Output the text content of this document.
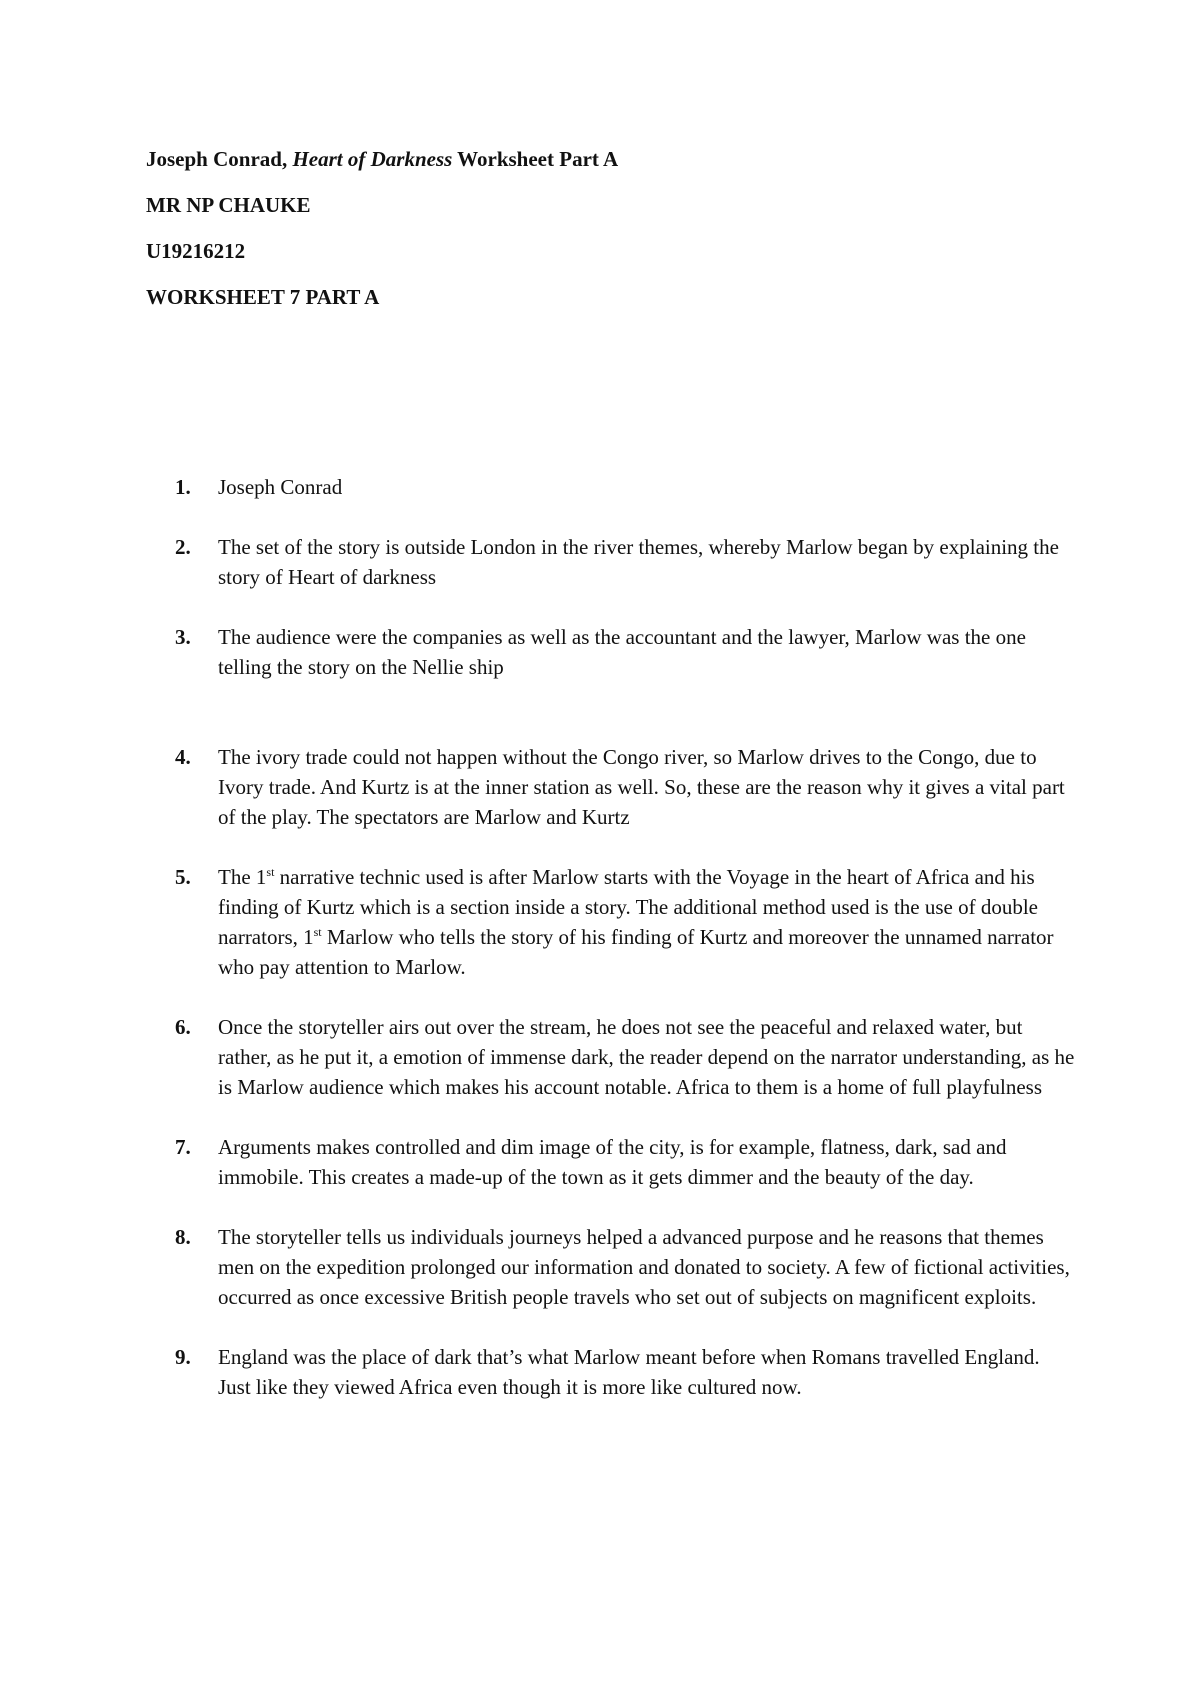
Joseph Conrad, Heart of Darkness Worksheet Part A

MR NP CHAUKE

U19216212

WORKSHEET 7 PART A

1. Joseph Conrad
2. The set of the story is outside London in the river themes, whereby Marlow began by explaining the story of Heart of darkness
3. The audience were the companies as well as the accountant and the lawyer, Marlow was the one telling the story on the Nellie ship
4. The ivory trade could not happen without the Congo river, so Marlow drives to the Congo, due to Ivory trade. And Kurtz is at the inner station as well. So, these are the reason why it gives a vital part of the play. The spectators are Marlow and Kurtz
5. The 1st narrative technic used is after Marlow starts with the Voyage in the heart of Africa and his finding of Kurtz which is a section inside a story. The additional method used is the use of double narrators, 1st Marlow who tells the story of his finding of Kurtz and moreover the unnamed narrator who pay attention to Marlow.
6. Once the storyteller airs out over the stream, he does not see the peaceful and relaxed water, but rather, as he put it, a emotion of immense dark, the reader depend on the narrator understanding, as he is Marlow audience which makes his account notable. Africa to them is a home of full playfulness
7. Arguments makes controlled and dim image of the city, is for example, flatness, dark, sad and immobile. This creates a made-up of the town as it gets dimmer and the beauty of the day.
8. The storyteller tells us individuals journeys helped a advanced purpose and he reasons that themes men on the expedition prolonged our information and donated to society. A few of fictional activities, occurred as once excessive British people travels who set out of subjects on magnificent exploits.
9. England was the place of dark that’s what Marlow meant before when Romans travelled England. Just like they viewed Africa even though it is more like cultured now.
